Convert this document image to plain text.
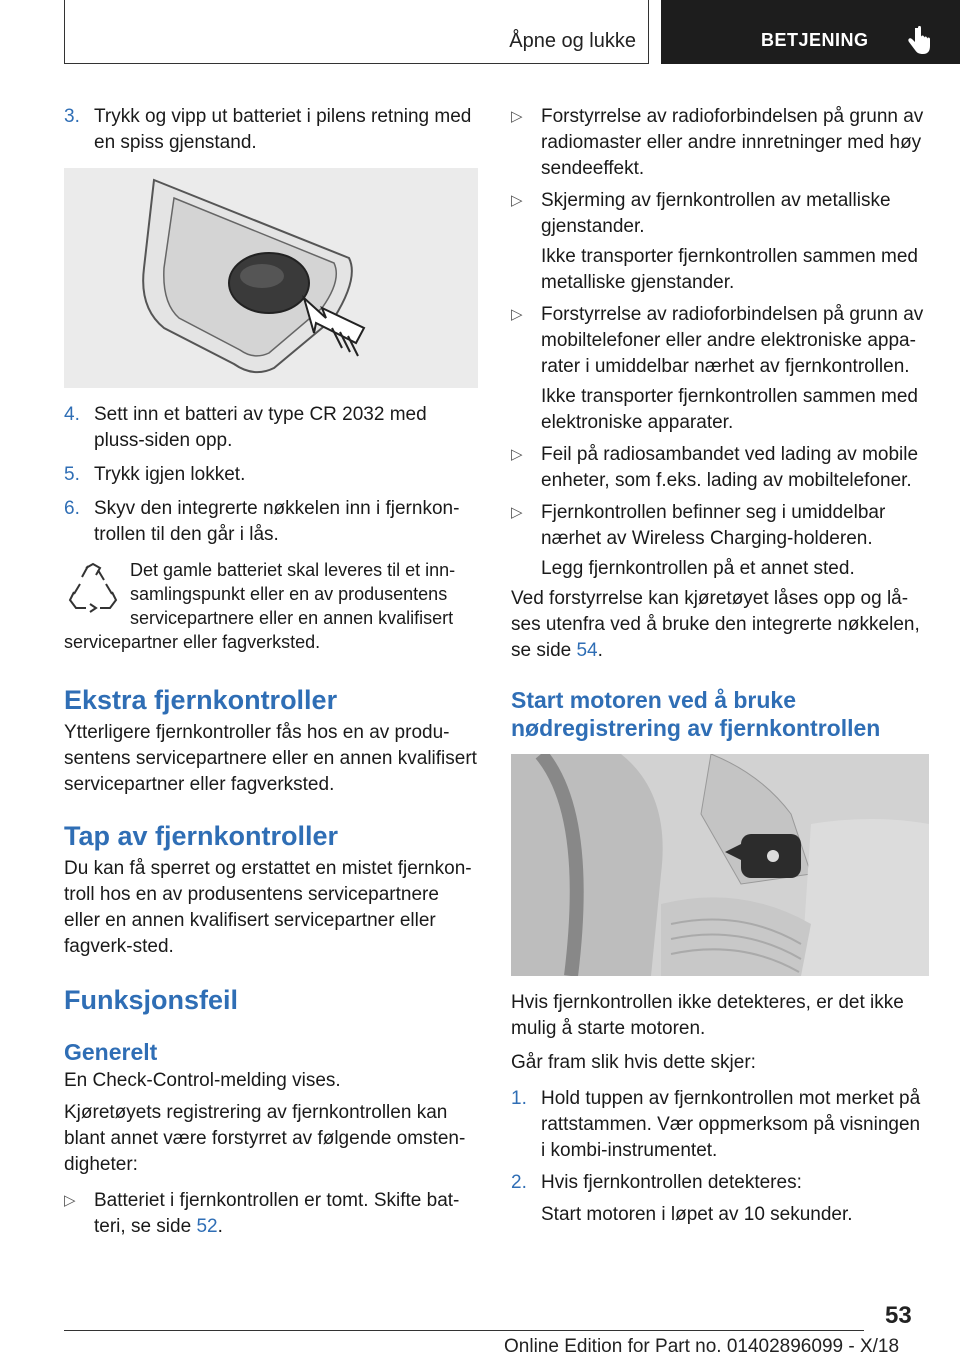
Åpne og lukke	BETJENING
3. Trykk og vipp ut batteriet i pilens retning med en spiss gjenstand.
4. Sett inn et batteri av type CR 2032 med pluss-siden opp.
5. Trykk igjen lokket.
6. Skyv den integrerte nøkkelen inn i fjernkon-trollen til den går i lås.

Det gamle batteriet skal leveres til et inn-samlingspunkt eller en av produsentens servicepartnere eller en annen kvalifisert

servicepartner eller fagverksted.

Ekstra fjernkontroller

Ytterligere fjernkontroller fås hos en av produ-sentens servicepartnere eller en annen kvalifisert servicepartner eller fagverksted.

Tap av fjernkontroller

Du kan få sperret og erstattet en mistet fjernkon-troll hos en av produsentens servicepartnere eller en annen kvalifisert servicepartner eller fagverk-sted.

Funksjonsfeil
Generelt

En Check-Control-melding vises.

Kjøretøyets registrering av fjernkontrollen kan blant annet være forstyrret av følgende omsten-digheter:

▷ Batteriet i fjernkontrollen er tomt. Skifte bat-teri, se side 52.
▷ Forstyrrelse av radioforbindelsen på grunn av radiomaster eller andre innretninger med høy sendeeffekt.
▷ Skjerming av fjernkontrollen av metalliske gjenstander.

Ikke transporter fjernkontrollen sammen med metalliske gjenstander.

▷ Forstyrrelse av radioforbindelsen på grunn av mobiltelefoner eller andre elektroniske appa-rater i umiddelbar nærhet av fjernkontrollen.

Ikke transporter fjernkontrollen sammen med elektroniske apparater.

▷ Feil på radiosambandet ved lading av mobile enheter, som f.eks. lading av mobiltelefoner.
▷ Fjernkontrollen befinner seg i umiddelbar nærhet av Wireless Charging-holderen.

Legg fjernkontrollen på et annet sted.

Ved forstyrrelse kan kjøretøyet låses opp og lå-ses utenfra ved å bruke den integrerte nøkkelen, se side 54.

Start motoren ved å bruke nødregistrering av fjernkontrollen

Hvis fjernkontrollen ikke detekteres, er det ikke mulig å starte motoren.

Går fram slik hvis dette skjer:

1. Hold tuppen av fjernkontrollen mot merket på rattstammen. Vær oppmerksom på visningen i kombi-instrumentet.
2. Hvis fjernkontrollen detekteres:

Start motoren i løpet av 10 sekunder.

53
Online Edition for Part no. 01402896099 - X/18
